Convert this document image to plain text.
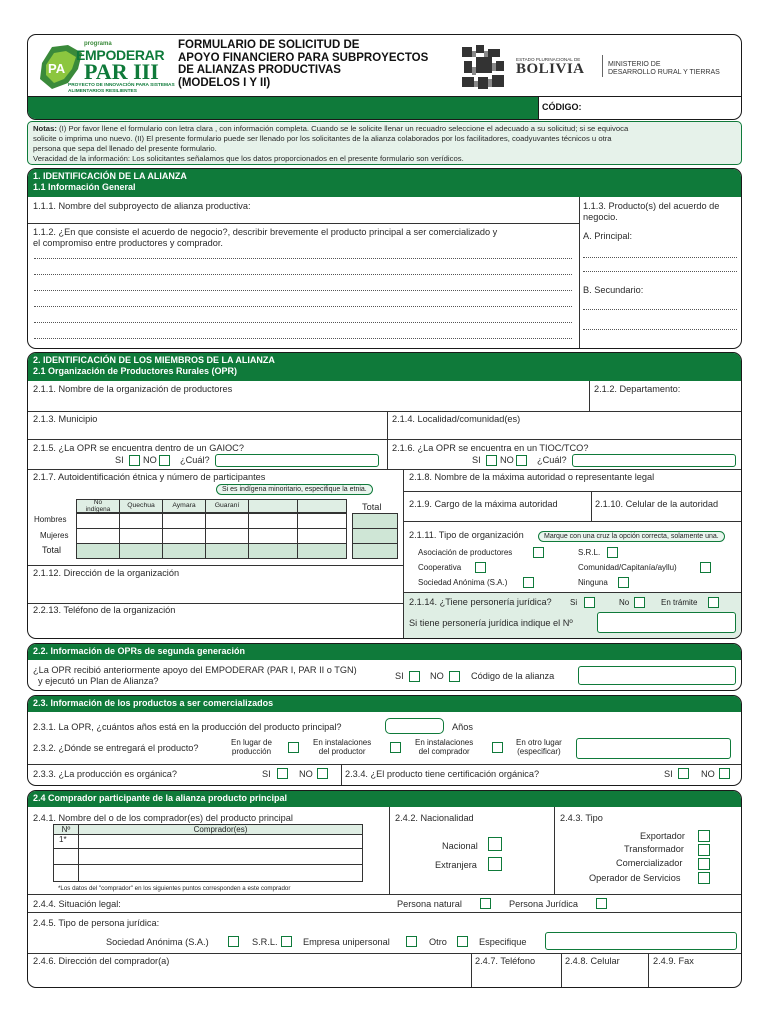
PA
programa
EMPODERAR
PAR III
PROYECTO DE INNOVACIÓN PARA SISTEMAS
ALIMENTARIOS RESILIENTES
FORMULARIO DE SOLICITUD DE
APOYO FINANCIERO PARA SUBPROYECTOS
DE ALIANZAS PRODUCTIVAS
(MODELOS I Y II)
ESTADO PLURINACIONAL DE
BOLIVIA	MINISTERIO DE
DESARROLLO RURAL Y TIERRAS
CÓDIGO:
Notas: (I) Por favor llene el formulario con letra clara , con información completa. Cuando se le solicite llenar un recuadro seleccione el adecuado a su solicitud; si se equivoca
solicite o imprima uno nuevo. (II) El presente formulario puede ser llenado por los solicitantes de la alianza colaborados por los facilitadores, coadyuvantes técnicos u otra
persona que sepa del llenado del presente formulario.
Veracidad de la información: Los solicitantes señalamos que los datos proporcionados en el presente formulario son verídicos.
1. IDENTIFICACIÓN DE LA ALIANZA
1.1 Información General
1.1.1. Nombre del subproyecto de alianza productiva:	1.1.3. Producto(s) del acuerdo de
negocio.
A. Principal:
B. Secundario:
1.1.2. ¿En que consiste el acuerdo de negocio?, describir brevemente el producto principal a ser comercializado y
el compromiso entre productores y comprador.
2. IDENTIFICACIÓN DE LOS MIEMBROS DE LA ALIANZA
2.1 Organización de Productores Rurales (OPR)
2.1.1. Nombre de la organización de productores	2.1.2. Departamento:
2.1.3. Municipio	2.1.4. Localidad/comunidad(es)
2.1.5. ¿La OPR se encuentra dentro de un GAIOC?
SI NO	¿Cuál?
2.1.6. ¿La OPR se encuentra en un TIOC/TCO?
SI NO	¿Cuál?
2.1.7. Autoidentificación étnica y número de participantes
Si es indígena minoritario, especifique la etnia.
No
indígena	Quechua	Aymara	Guaraní	Total
Hombres
Mujeres
Total
2.1.12. Dirección de la organización
2.2.13. Teléfono de la organización
2.1.8. Nombre de la máxima autoridad o representante legal
2.1.9. Cargo de la máxima autoridad	2.1.10. Celular de la autoridad
2.1.11. Tipo de organización	Marque con una cruz la opción correcta, solamente una.
Asociación de productores	S.R.L.
Cooperativa	Comunidad/Capitanía/ayllu)
Sociedad Anónima (S.A.)	Ninguna
2.1.14. ¿Tiene personería jurídica? Si	No	En trámite
Si tiene personería jurídica indique el Nº
2.2. Información de OPRs de segunda generación
¿La OPR recibió anteriormente apoyo del EMPODERAR (PAR I, PAR II o TGN)
y ejecutó un Plan de Alianza?	SI	NO	Código de la alianza
2.3. Información de los productos a ser comercializados
2.3.1. La OPR, ¿cuántos años está en la producción del producto principal?	Años
2.3.2. ¿Dónde se entregará el producto?
En lugar de
producción
En instalaciones
del productor
En instalaciones
del comprador
En otro lugar
(especificar)
2.3.3. ¿La producción es orgánica?	SI	NO	2.3.4. ¿El producto tiene certificación orgánica?	SI	NO
2.4 Comprador participante de la alianza producto principal
2.4.1. Nombre del o de los comprador(es) del producto principal
Nº	Comprador(es)
1*
*Los datos del "comprador" en los siguientes puntos corresponden a este comprador
2.4.2. Nacionalidad
Nacional
Extranjera
2.4.3. Tipo
Exportador
Transformador
Comercializador
Operador de Servicios
2.4.4. Situación legal:	Persona natural	Persona Jurídica
2.4.5. Tipo de persona jurídica:
Sociedad Anónima (S.A.)	S.R.L.	Empresa unipersonal	Otro	Especifique
2.4.6. Dirección del comprador(a)	2.4.7. Teléfono	2.4.8. Celular	2.4.9. Fax
